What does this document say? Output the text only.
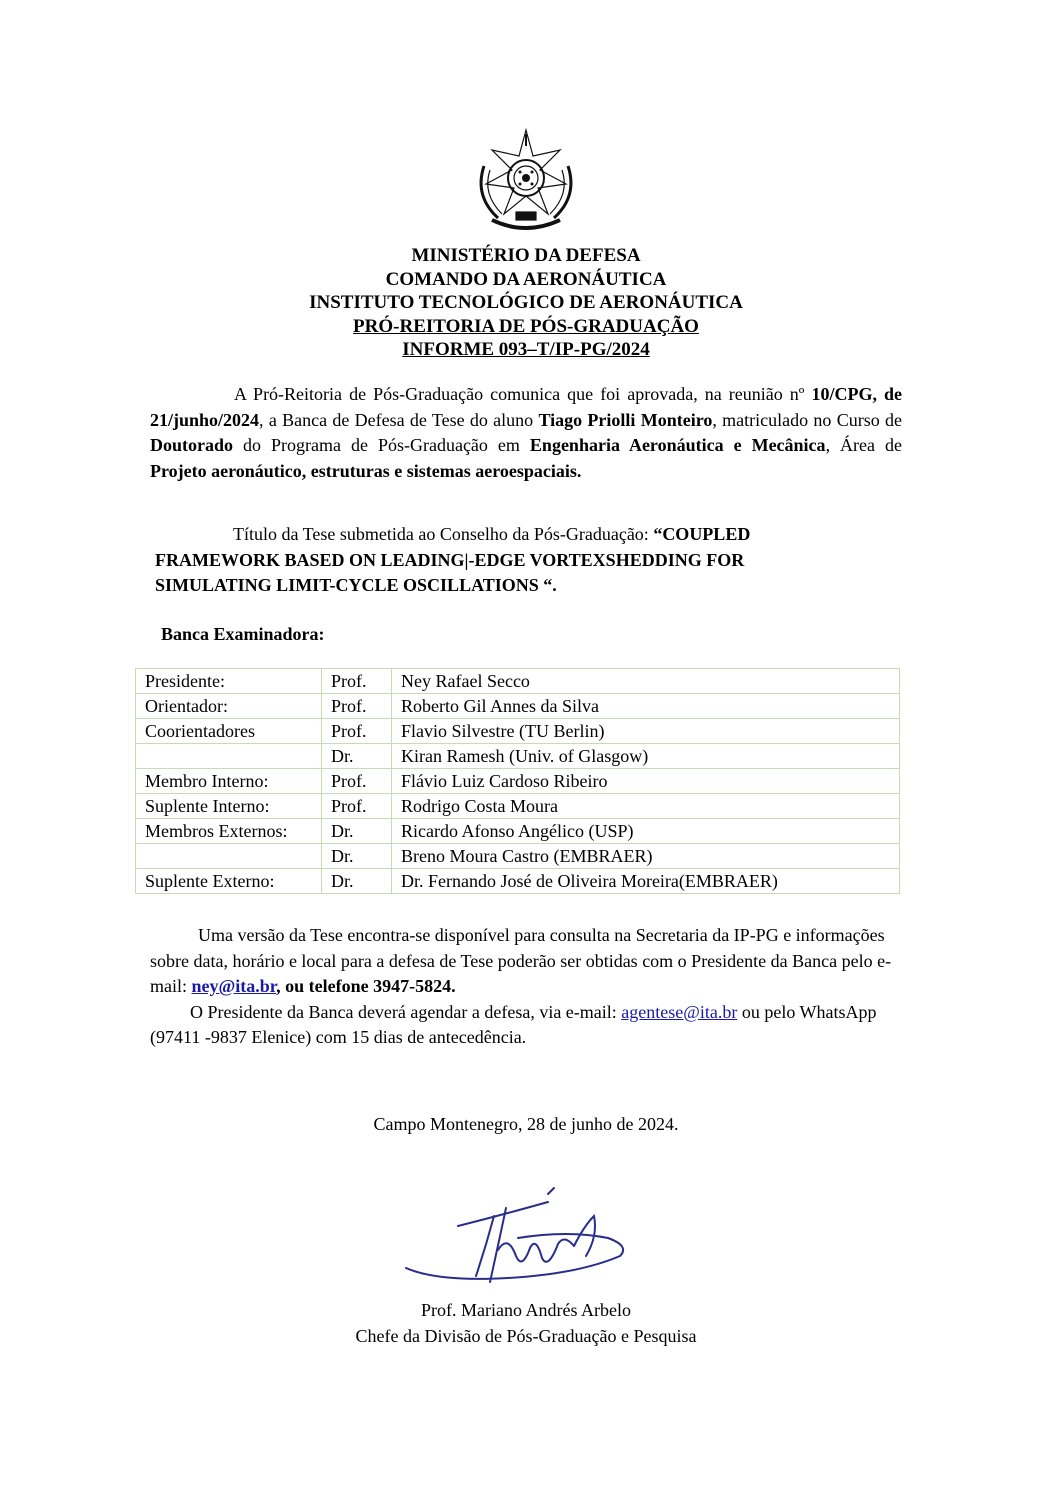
MINISTÉRIO DA DEFESA
COMANDO DA AERONÁUTICA
INSTITUTO TECNOLÓGICO DE AERONÁUTICA
PRÓ-REITORIA DE PÓS-GRADUAÇÃO
INFORME 093–T/IP-PG/2024

A Pró-Reitoria de Pós-Graduação comunica que foi aprovada, na reunião nº 10/CPG, de 21/junho/2024, a Banca de Defesa de Tese do aluno Tiago Priolli Monteiro, matriculado no Curso de Doutorado do Programa de Pós-Graduação em Engenharia Aeronáutica e Mecânica, Área de Projeto aeronáutico, estruturas e sistemas aeroespaciais.

Título da Tese submetida ao Conselho da Pós-Graduação: “COUPLED
FRAMEWORK BASED ON LEADING|-EDGE VORTEXSHEDDING FOR
SIMULATING LIMIT-CYCLE OSCILLATIONS “.
Banca Examinadora:
Presidente:	Prof.	Ney Rafael Secco
Orientador:	Prof.	Roberto Gil Annes da Silva
Coorientadores	Prof.	Flavio Silvestre (TU Berlin)
	Dr.	Kiran Ramesh (Univ. of Glasgow)
Membro Interno:	Prof.	Flávio Luiz Cardoso Ribeiro
Suplente Interno:	Prof.	Rodrigo Costa Moura
Membros Externos:	Dr.	Ricardo Afonso Angélico (USP)
	Dr.	Breno Moura Castro (EMBRAER)
Suplente Externo:	Dr.	Dr. Fernando José de Oliveira Moreira(EMBRAER)

Uma versão da Tese encontra-se disponível para consulta na Secretaria da IP-PG e informações sobre data, horário e local para a defesa de Tese poderão ser obtidas com o Presidente da Banca pelo e-mail: ney@ita.br, ou telefone 3947-5824.

O Presidente da Banca deverá agendar a defesa, via e-mail: agentese@ita.br ou pelo WhatsApp (97411 -9837 Elenice) com 15 dias de antecedência.

Campo Montenegro, 28 de junho de 2024.
Prof. Mariano Andrés Arbelo
Chefe da Divisão de Pós-Graduação e Pesquisa
